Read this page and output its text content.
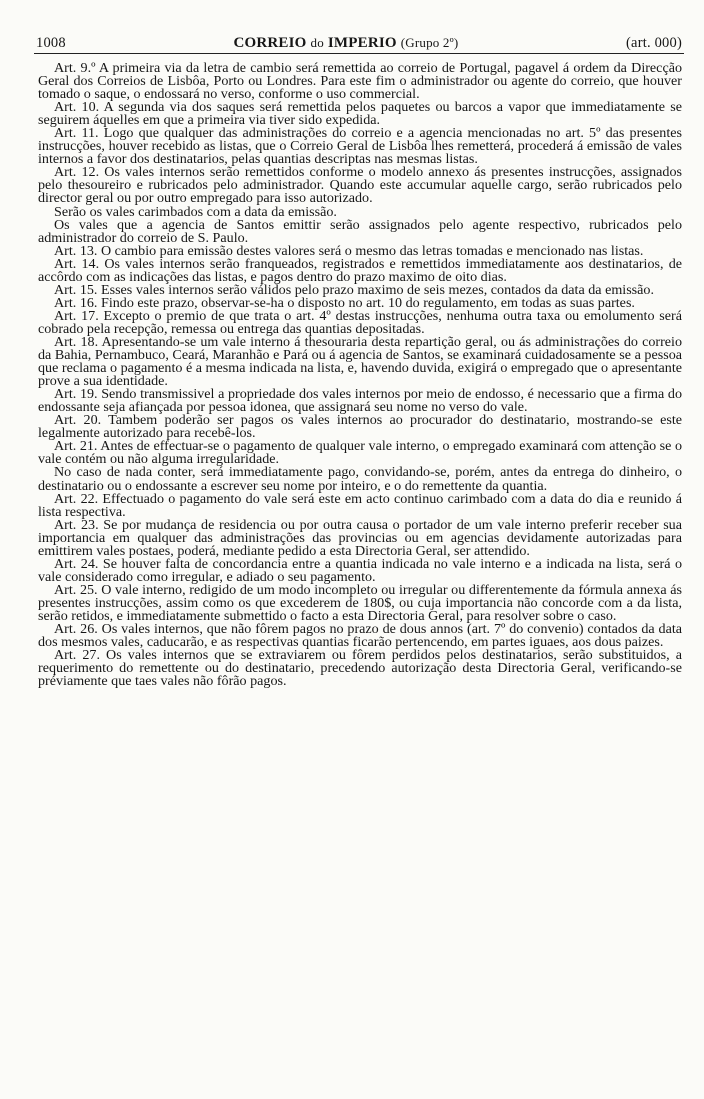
1008	CORREIO do IMPERIO (Grupo 2º)	(art. 000)

Art. 9.º A primeira via da letra de cambio será remettida ao correio de Portugal, pagavel á ordem da Direcção Geral dos Correios de Lisbôa, Porto ou Londres. Para este fim o administrador ou agente do correio, que houver tomado o saque, o endossará no verso, conforme o uso commercial.

Art. 10. A segunda via dos saques será remettida pelos paquetes ou barcos a vapor que immediatamente se seguirem áquelles em que a primeira via tiver sido expedida.

Art. 11. Logo que qualquer das administrações do correio e a agencia mencionadas no art. 5º das presentes instrucções, houver recebido as listas, que o Correio Geral de Lisbôa lhes remetterá, procederá á emissão de vales internos a favor dos destinatarios, pelas quantias descriptas nas mesmas listas.

Art. 12. Os vales internos serão remettidos conforme o modelo annexo ás presentes instrucções, assignados pelo thesoureiro e rubricados pelo administrador. Quando este accumular aquelle cargo, serão rubricados pelo director geral ou por outro empregado para isso autorizado.

Serão os vales carimbados com a data da emissão.

Os vales que a agencia de Santos emittir serão assignados pelo agente respectivo, rubricados pelo administrador do correio de S. Paulo.

Art. 13. O cambio para emissão destes valores será o mesmo das letras tomadas e mencionado nas listas.

Art. 14. Os vales internos serão franqueados, registrados e remettidos immediatamente aos destinatarios, de accôrdo com as indicações das listas, e pagos dentro do prazo maximo de oito dias.

Art. 15. Esses vales internos serão válidos pelo prazo maximo de seis mezes, contados da data da emissão.

Art. 16. Findo este prazo, observar-se-ha o disposto no art. 10 do regulamento, em todas as suas partes.

Art. 17. Excepto o premio de que trata o art. 4º destas instrucções, nenhuma outra taxa ou emolumento será cobrado pela recepção, remessa ou entrega das quantias depositadas.

Art. 18. Apresentando-se um vale interno á thesouraria desta repartição geral, ou ás administrações do correio da Bahia, Pernambuco, Ceará, Maranhão e Pará ou á agencia de Santos, se examinará cuidadosamente se a pessoa que reclama o pagamento é a mesma indicada na lista, e, havendo duvida, exigirá o empregado que o apresentante prove a sua identidade.

Art. 19. Sendo transmissivel a propriedade dos vales internos por meio de endosso, é necessario que a firma do endossante seja afiançada por pessoa idonea, que assignará seu nome no verso do vale.

Art. 20. Tambem poderão ser pagos os vales internos ao procurador do destinatario, mostrando-se este legalmente autorizado para recebê-los.

Art. 21. Antes de effectuar-se o pagamento de qualquer vale interno, o empregado examinará com attenção se o vale contém ou não alguma irregularidade.

No caso de nada conter, será immediatamente pago, convidando-se, porém, antes da entrega do dinheiro, o destinatario ou o endossante a escrever seu nome por inteiro, e o do remettente da quantia.

Art. 22. Effectuado o pagamento do vale será este em acto continuo carimbado com a data do dia e reunido á lista respectiva.

Art. 23. Se por mudança de residencia ou por outra causa o portador de um vale interno preferir receber sua importancia em qualquer das administrações das provincias ou em agencias devidamente autorizadas para emittirem vales postaes, poderá, mediante pedido a esta Directoria Geral, ser attendido.

Art. 24. Se houver falta de concordancia entre a quantia indicada no vale interno e a indicada na lista, será o vale considerado como irregular, e adiado o seu pagamento.

Art. 25. O vale interno, redigido de um modo incompleto ou irregular ou differentemente da fórmula annexa ás presentes instrucções, assim como os que excederem de 180$, ou cuja importancia não concorde com a da lista, serão retidos, e immediatamente submettido o facto a esta Directoria Geral, para resolver sobre o caso.

Art. 26. Os vales internos, que não fôrem pagos no prazo de dous annos (art. 7º do convenio) contados da data dos mesmos vales, caducarão, e as respectivas quantias ficarão pertencendo, em partes iguaes, aos dous paizes.

Art. 27. Os vales internos que se extraviarem ou fôrem perdidos pelos destinatarios, serão substituidos, a requerimento do remettente ou do destinatario, precedendo autorização desta Directoria Geral, verificando-se préviamente que taes vales não fôrão pagos.
